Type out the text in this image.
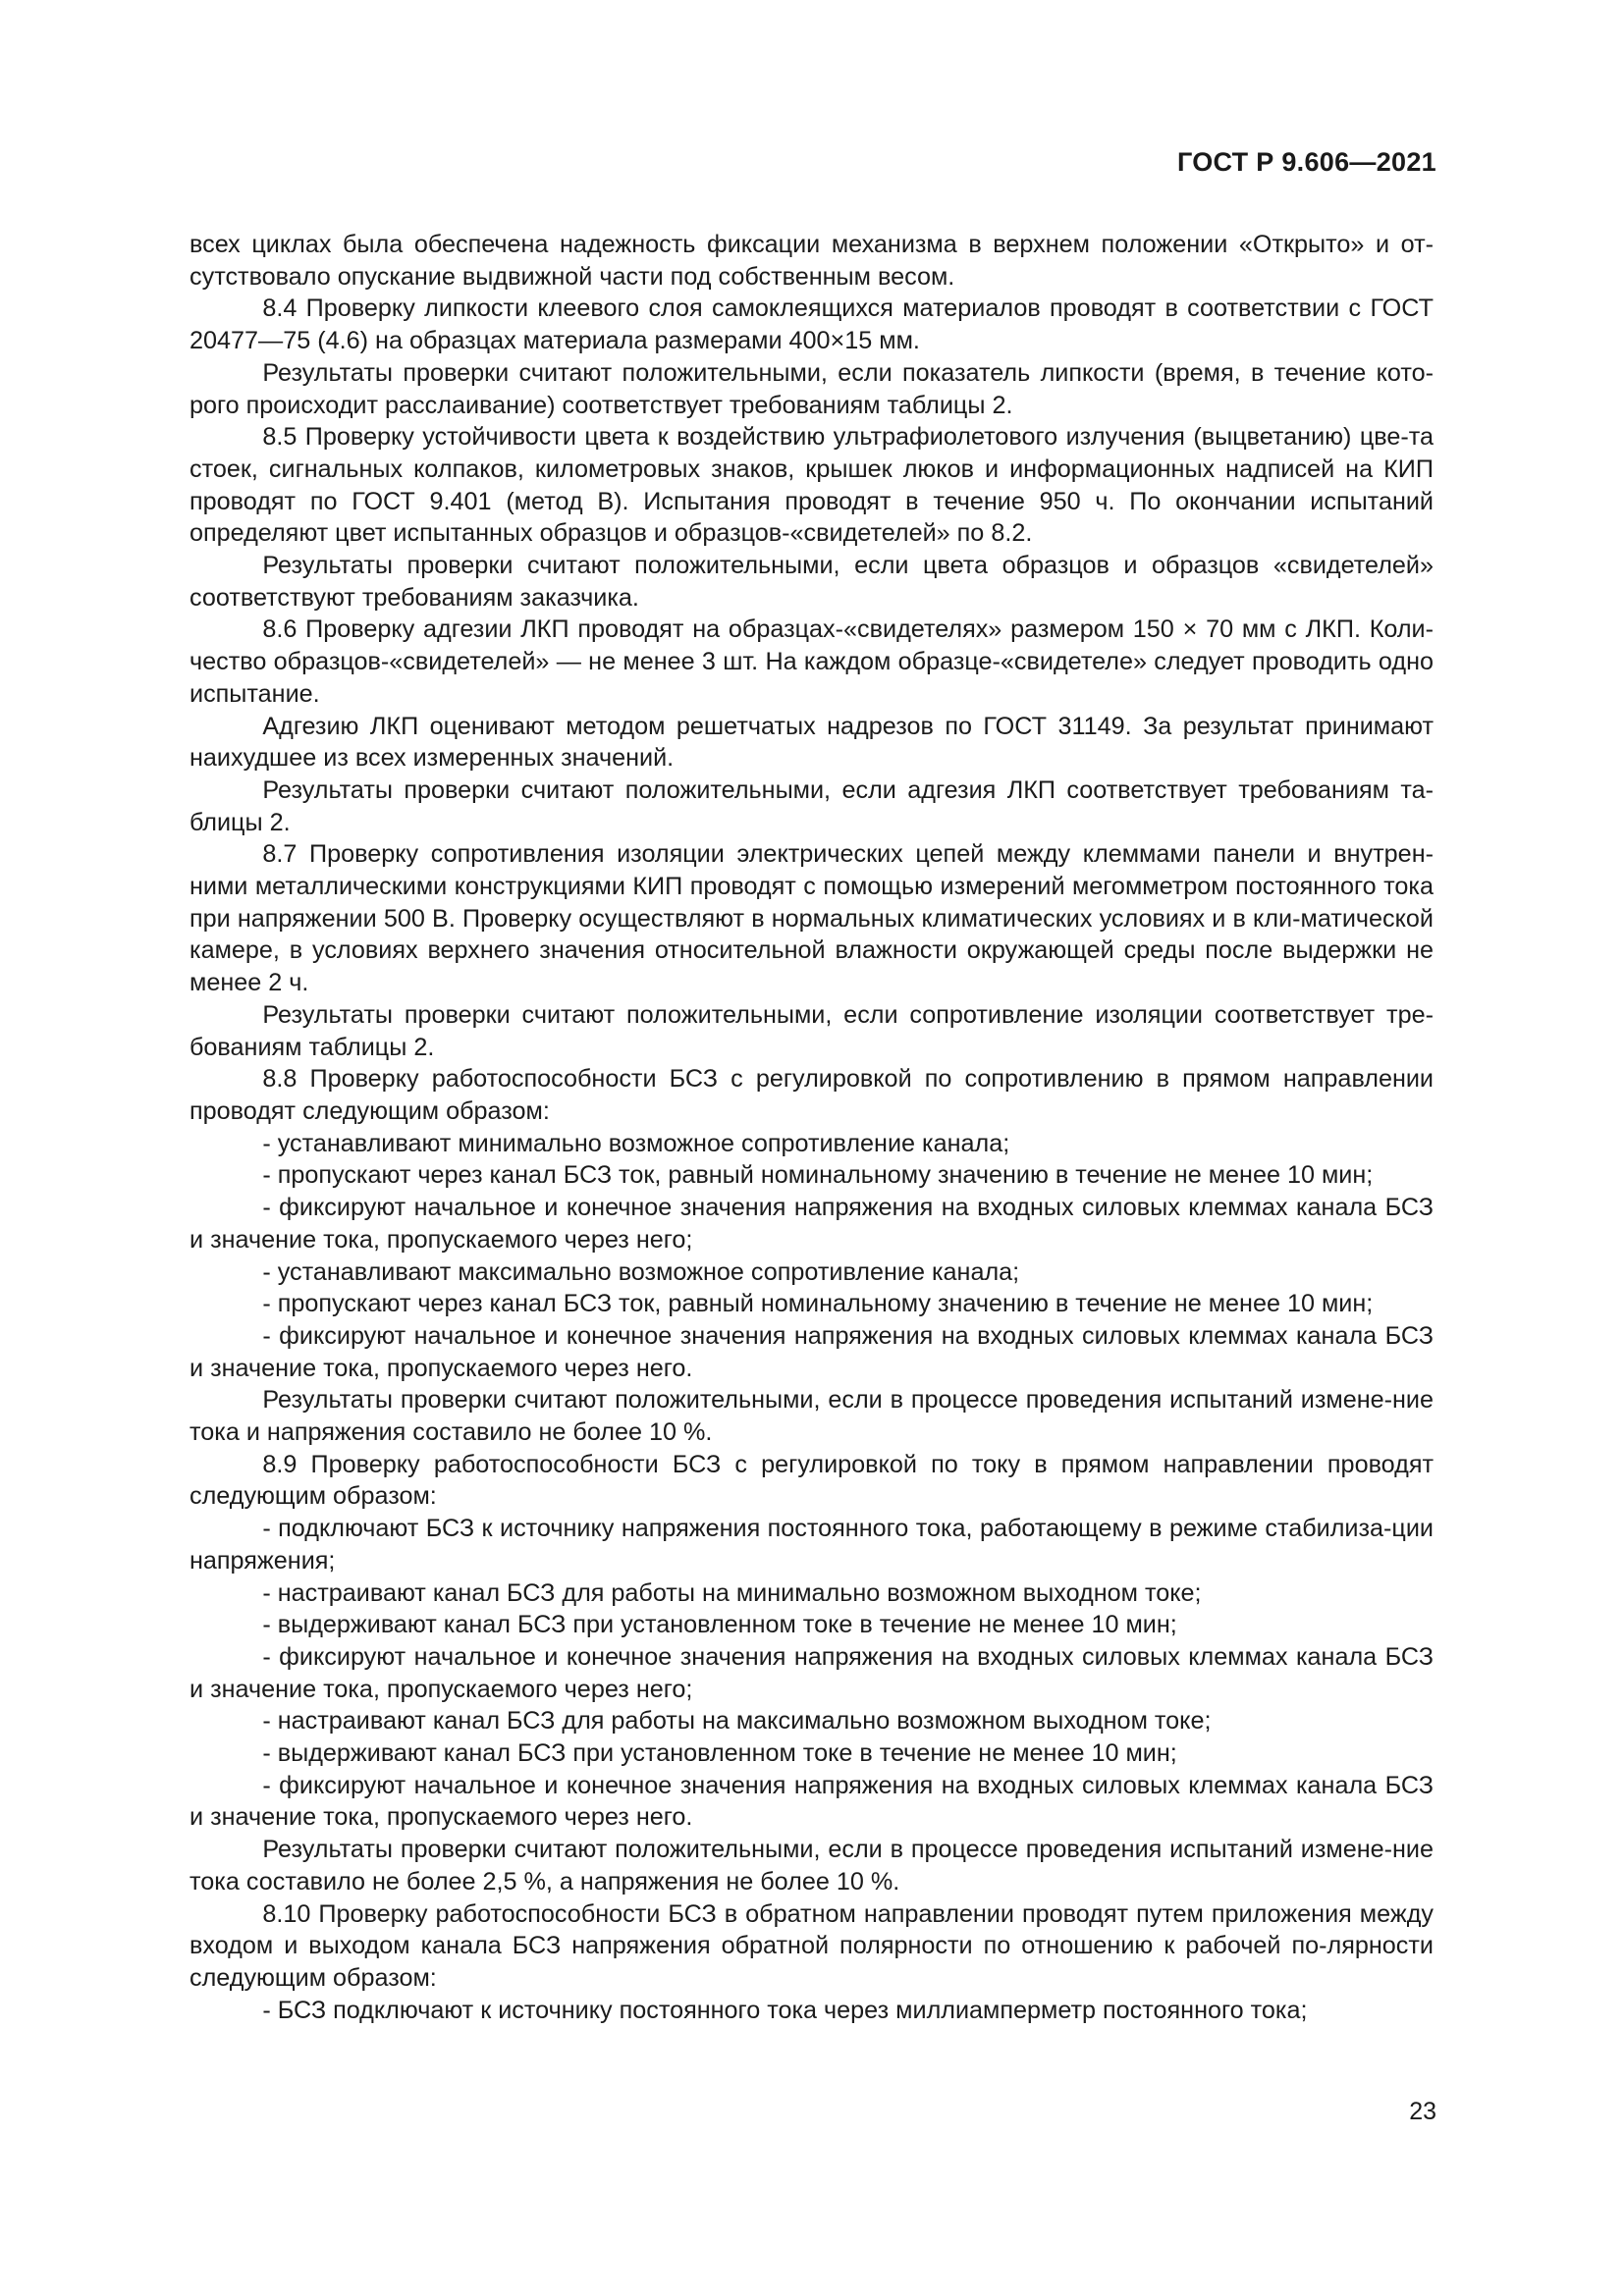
ГОСТ Р 9.606—2021

всех циклах была обеспечена надежность фиксации механизма в верхнем положении «Открыто» и от-сутствовало опускание выдвижной части под собственным весом.

8.4 Проверку липкости клеевого слоя самоклеящихся материалов проводят в соответствии с ГОСТ 20477—75 (4.6) на образцах материала размерами 400×15 мм.

Результаты проверки считают положительными, если показатель липкости (время, в течение кото-рого происходит расслаивание) соответствует требованиям таблицы 2.

8.5 Проверку устойчивости цвета к воздействию ультрафиолетового излучения (выцветанию) цве-та стоек, сигнальных колпаков, километровых знаков, крышек люков и информационных надписей на КИП проводят по ГОСТ 9.401 (метод В). Испытания проводят в течение 950 ч. По окончании испытаний определяют цвет испытанных образцов и образцов-«свидетелей» по 8.2.

Результаты проверки считают положительными, если цвета образцов и образцов «свидетелей» соответствуют требованиям заказчика.

8.6 Проверку адгезии ЛКП проводят на образцах-«свидетелях» размером 150 × 70 мм с ЛКП. Коли-чество образцов-«свидетелей» — не менее 3 шт. На каждом образце-«свидетеле» следует проводить одно испытание.

Адгезию ЛКП оценивают методом решетчатых надрезов по ГОСТ 31149. За результат принимают наихудшее из всех измеренных значений.

Результаты проверки считают положительными, если адгезия ЛКП соответствует требованиям та-блицы 2.

8.7 Проверку сопротивления изоляции электрических цепей между клеммами панели и внутрен-ними металлическими конструкциями КИП проводят с помощью измерений мегомметром постоянного тока при напряжении 500 В. Проверку осуществляют в нормальных климатических условиях и в кли-матической камере, в условиях верхнего значения относительной влажности окружающей среды после выдержки не менее 2 ч.

Результаты проверки считают положительными, если сопротивление изоляции соответствует тре-бованиям таблицы 2.

8.8 Проверку работоспособности БСЗ с регулировкой по сопротивлению в прямом направлении проводят следующим образом:

- устанавливают минимально возможное сопротивление канала;

- пропускают через канал БСЗ ток, равный номинальному значению в течение не менее 10 мин;

- фиксируют начальное и конечное значения напряжения на входных силовых клеммах канала БСЗ и значение тока, пропускаемого через него;

- устанавливают максимально возможное сопротивление канала;

- пропускают через канал БСЗ ток, равный номинальному значению в течение не менее 10 мин;

- фиксируют начальное и конечное значения напряжения на входных силовых клеммах канала БСЗ и значение тока, пропускаемого через него.

Результаты проверки считают положительными, если в процессе проведения испытаний измене-ние тока и напряжения составило не более 10 %.

8.9 Проверку работоспособности БСЗ с регулировкой по току в прямом направлении проводят следующим образом:

- подключают БСЗ к источнику напряжения постоянного тока, работающему в режиме стабилиза-ции напряжения;

- настраивают канал БСЗ для работы на минимально возможном выходном токе;

- выдерживают канал БСЗ при установленном токе в течение не менее 10 мин;

- фиксируют начальное и конечное значения напряжения на входных силовых клеммах канала БСЗ и значение тока, пропускаемого через него;

- настраивают канал БСЗ для работы на максимально возможном выходном токе;

- выдерживают канал БСЗ при установленном токе в течение не менее 10 мин;

- фиксируют начальное и конечное значения напряжения на входных силовых клеммах канала БСЗ и значение тока, пропускаемого через него.

Результаты проверки считают положительными, если в процессе проведения испытаний измене-ние тока составило не более 2,5 %, а напряжения не более 10 %.

8.10 Проверку работоспособности БСЗ в обратном направлении проводят путем приложения между входом и выходом канала БСЗ напряжения обратной полярности по отношению к рабочей по-лярности следующим образом:

- БСЗ подключают к источнику постоянного тока через миллиамперметр постоянного тока;

23
